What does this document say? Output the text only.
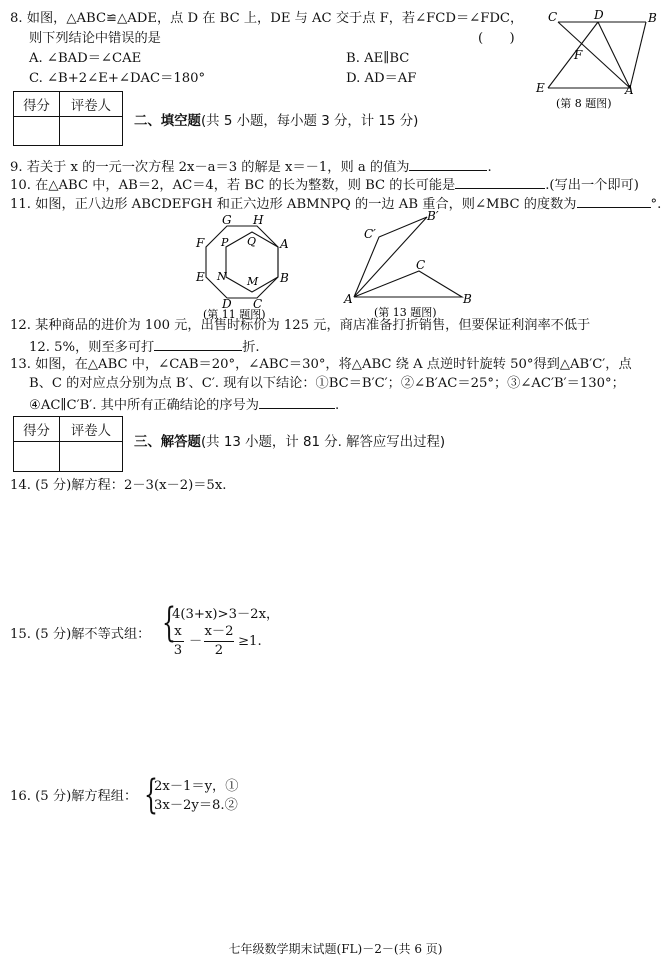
8. 如图，△ABC≌△ADE，点 D 在 BC 上，DE 与 AC 交于点 F，若∠FCD＝∠FDC，
则下列结论中错误的是	(　　)
A. ∠BAD＝∠CAE	B. AE∥BC
C. ∠B+2∠E+∠DAC＝180°	D. AD＝AF
C	D	B
F
E	A
(第 8 题图)
得分	评卷人

二、填空题(共 5 小题，每小题 3 分，计 15 分)
9. 若关于 x 的一元一次方程 2x－a＝3 的解是 x＝－1，则 a 的值为	.
10. 在△ABC 中，AB＝2，AC＝4，若 BC 的长为整数，则 BC 的长可能是	.(写出一个即可)
11. 如图，正八边形 ABCDEFGH 和正六边形 ABMNPQ 的一边 AB 重合，则∠MBC 的度数为	°.
G H
F P Q A
E N M B
D C
(第 11 题图)
B′
C′
C
A	B
(第 13 题图)
12. 某种商品的进价为 100 元，出售时标价为 125 元，商店准备打折销售，但要保证利润率不低于
12. 5%，则至多可打	折.
13. 如图，在△ABC 中，∠CAB＝20°，∠ABC＝30°，将△ABC 绕 A 点逆时针旋转 50°得到△AB′C′，点
B、C 的对应点分别为点 B′、C′. 现有以下结论：①BC＝B′C′；②∠B′AC＝25°；③∠AC′B′＝130°；
④AC∥C′B′. 其中所有正确结论的序号为	.
得分	评卷人

三、解答题(共 13 小题，计 81 分. 解答应写出过程)
14. (5 分)解方程：2－3(x－2)＝5x.
15. (5 分)解不等式组： {
4(3+x)>3－2x，
x
3
－
x－2
2
≥1.
16. (5 分)解方程组： {
2x－1＝y，①
3x－2y＝8.②
七年级数学期末试题(FL)－2－(共 6 页)
